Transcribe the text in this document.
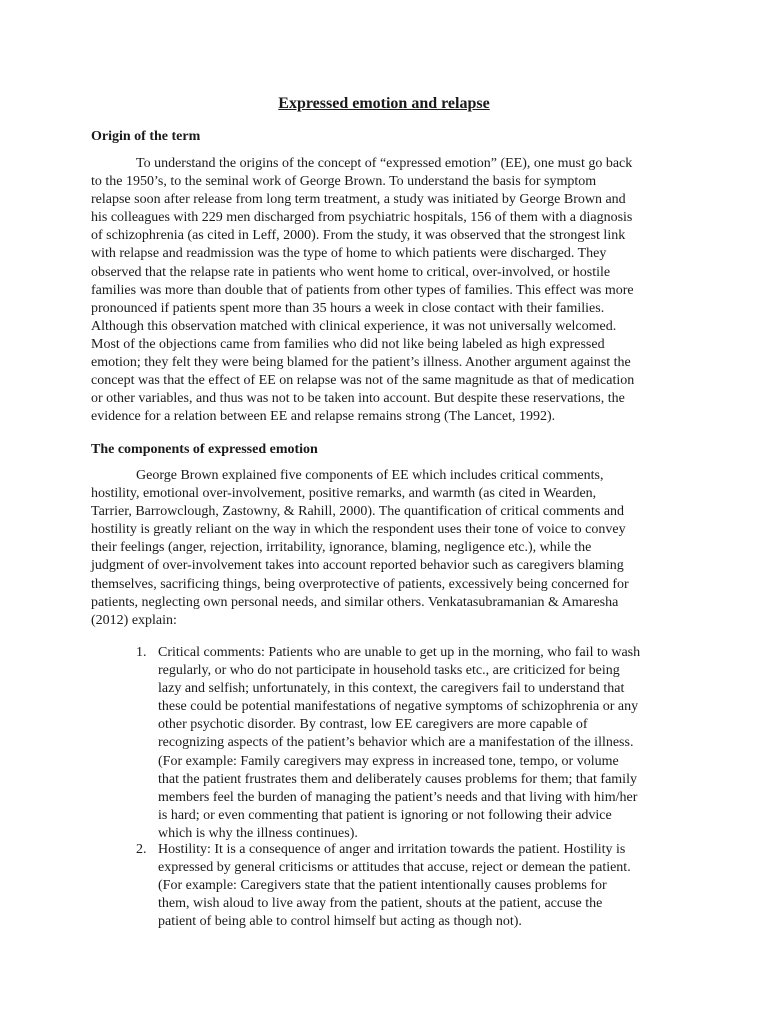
Expressed emotion and relapse
Origin of the term
To understand the origins of the concept of “expressed emotion” (EE), one must go back
to the 1950’s, to the seminal work of George Brown. To understand the basis for symptom
relapse soon after release from long term treatment, a study was initiated by George Brown and
his colleagues with 229 men discharged from psychiatric hospitals, 156 of them with a diagnosis
of schizophrenia (as cited in Leff, 2000). From the study, it was observed that the strongest link
with relapse and readmission was the type of home to which patients were discharged. They
observed that the relapse rate in patients who went home to critical, over-involved, or hostile
families was more than double that of patients from other types of families. This effect was more
pronounced if patients spent more than 35 hours a week in close contact with their families.
Although this observation matched with clinical experience, it was not universally welcomed.
Most of the objections came from families who did not like being labeled as high expressed
emotion; they felt they were being blamed for the patient’s illness. Another argument against the
concept was that the effect of EE on relapse was not of the same magnitude as that of medication
or other variables, and thus was not to be taken into account. But despite these reservations, the
evidence for a relation between EE and relapse remains strong (The Lancet, 1992).
The components of expressed emotion
George Brown explained five components of EE which includes critical comments,
hostility, emotional over-involvement, positive remarks, and warmth (as cited in Wearden,
Tarrier, Barrowclough, Zastowny, & Rahill, 2000). The quantification of critical comments and
hostility is greatly reliant on the way in which the respondent uses their tone of voice to convey
their feelings (anger, rejection, irritability, ignorance, blaming, negligence etc.), while the
judgment of over-involvement takes into account reported behavior such as caregivers blaming
themselves, sacrificing things, being overprotective of patients, excessively being concerned for
patients, neglecting own personal needs, and similar others. Venkatasubramanian & Amaresha
(2012) explain:
1. Critical comments: Patients who are unable to get up in the morning, who fail to wash
regularly, or who do not participate in household tasks etc., are criticized for being
lazy and selfish; unfortunately, in this context, the caregivers fail to understand that
these could be potential manifestations of negative symptoms of schizophrenia or any
other psychotic disorder. By contrast, low EE caregivers are more capable of
recognizing aspects of the patient’s behavior which are a manifestation of the illness.
(For example: Family caregivers may express in increased tone, tempo, or volume
that the patient frustrates them and deliberately causes problems for them; that family
members feel the burden of managing the patient’s needs and that living with him/her
is hard; or even commenting that patient is ignoring or not following their advice
which is why the illness continues).
2. Hostility: It is a consequence of anger and irritation towards the patient. Hostility is
expressed by general criticisms or attitudes that accuse, reject or demean the patient.
(For example: Caregivers state that the patient intentionally causes problems for
them, wish aloud to live away from the patient, shouts at the patient, accuse the
patient of being able to control himself but acting as though not).
